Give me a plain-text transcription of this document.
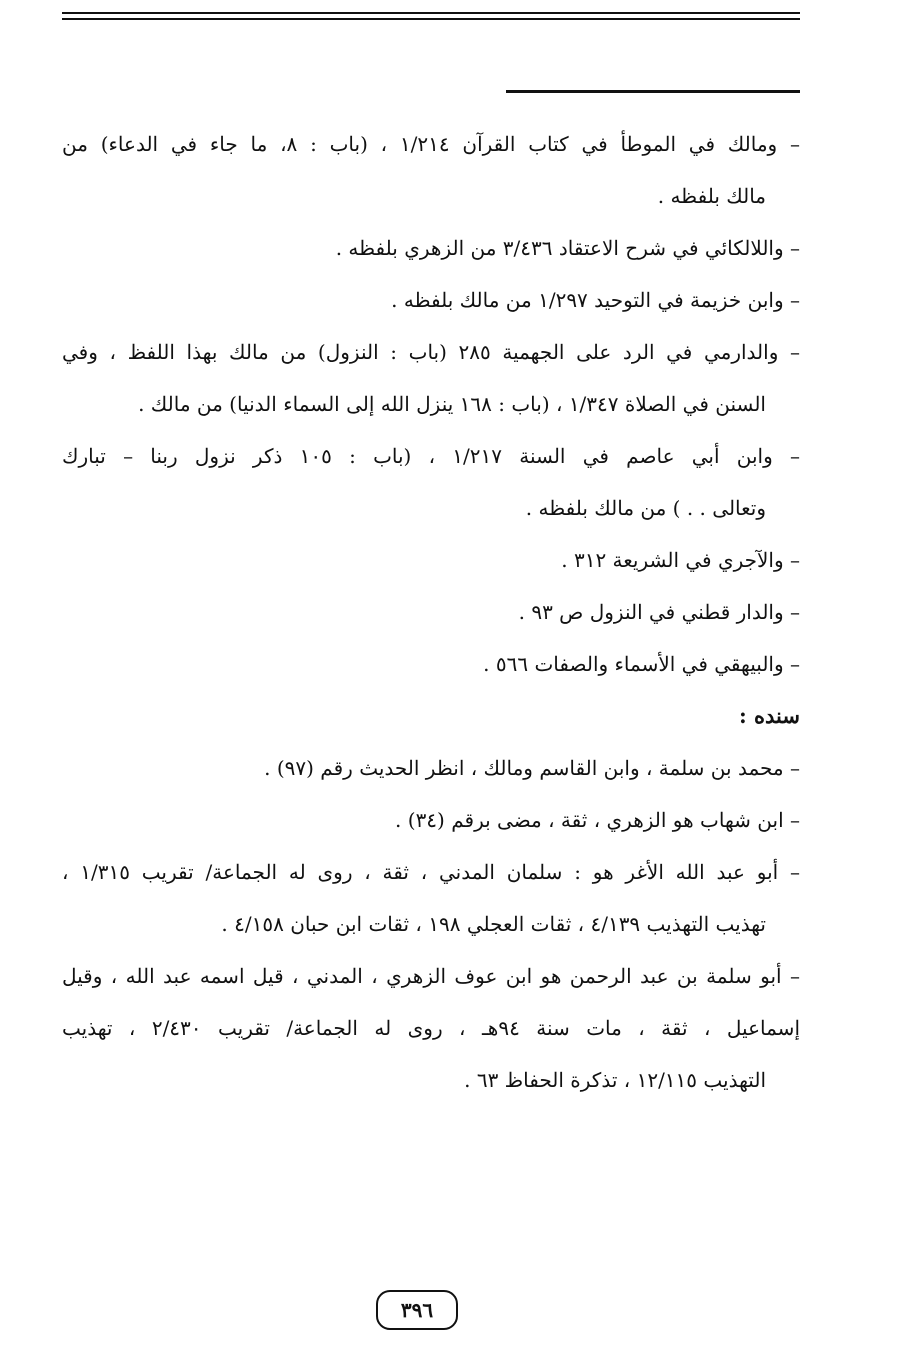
– ومالك في الموطأ في كتاب القرآن ١/٢١٤ ، (باب : ٨، ما جاء في الدعاء) من
مالك بلفظه .
– واللالكائي في شرح الاعتقاد ٣/٤٣٦ من الزهري بلفظه .
– وابن خزيمة في التوحيد ١/٢٩٧ من مالك بلفظه .
– والدارمي في الرد على الجهمية ٢٨٥ (باب : النزول) من مالك بهذا اللفظ ، وفي
السنن في الصلاة ١/٣٤٧ ، (باب : ١٦٨ ينزل الله إلى السماء الدنيا) من مالك .
– وابن أبي عاصم في السنة ١/٢١٧ ، (باب : ١٠٥ ذكر نزول ربنا – تبارك
وتعالى . . ) من مالك بلفظه .
– والآجري في الشريعة ٣١٢ .
– والدار قطني في النزول ص ٩٣ .
– والبيهقي في الأسماء والصفات ٥٦٦ .
سنده :
– محمد بن سلمة ، وابن القاسم ومالك ، انظر الحديث رقم (٩٧) .
– ابن شهاب هو الزهري ، ثقة ، مضى برقم (٣٤) .
– أبو عبد الله الأغر هو : سلمان المدني ، ثقة ، روى له الجماعة/ تقريب ١/٣١٥ ،
تهذيب التهذيب ٤/١٣٩ ، ثقات العجلي ١٩٨ ، ثقات ابن حبان ٤/١٥٨ .
– أبو سلمة بن عبد الرحمن هو ابن عوف الزهري ، المدني ، قيل اسمه عبد الله ، وقيل
إسماعيل ، ثقة ، مات سنة ٩٤هـ ، روى له الجماعة/ تقريب ٢/٤٣٠ ، تهذيب
التهذيب ١٢/١١٥ ، تذكرة الحفاظ ٦٣ .
٣٩٦
